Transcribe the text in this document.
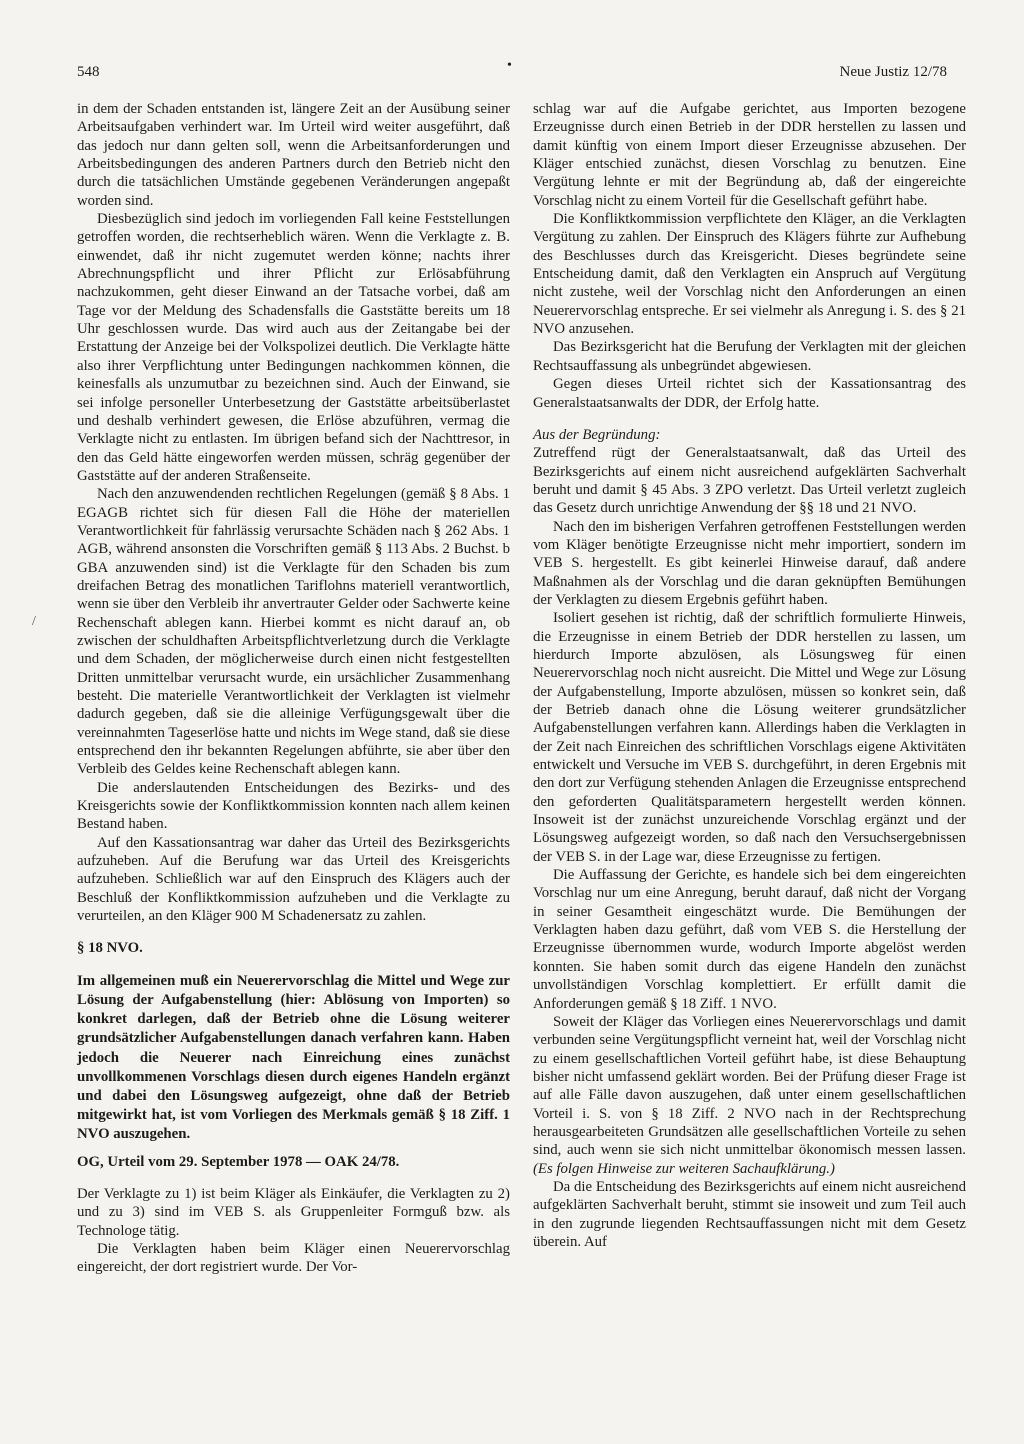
548	•	Neue Justiz 12/78
/

in dem der Schaden entstanden ist, längere Zeit an der Ausübung seiner Arbeitsaufgaben verhindert war. Im Urteil wird weiter ausgeführt, daß das jedoch nur dann gelten soll, wenn die Arbeitsanforderungen und Arbeitsbedingungen des anderen Partners durch den Betrieb nicht den durch die tatsächlichen Umstände gegebenen Veränderungen angepaßt worden sind.

Diesbezüglich sind jedoch im vorliegenden Fall keine Feststellungen getroffen worden, die rechtserheblich wären. Wenn die Verklagte z. B. einwendet, daß ihr nicht zugemutet werden könne; nachts ihrer Abrechnungspflicht und ihrer Pflicht zur Erlösabführung nachzukommen, geht dieser Einwand an der Tatsache vorbei, daß am Tage vor der Meldung des Schadensfalls die Gaststätte bereits um 18 Uhr geschlossen wurde. Das wird auch aus der Zeitangabe bei der Erstattung der Anzeige bei der Volkspolizei deutlich. Die Verklagte hätte also ihrer Verpflichtung unter Bedingungen nachkommen können, die keinesfalls als unzumutbar zu bezeichnen sind. Auch der Einwand, sie sei infolge personeller Unterbesetzung der Gaststätte arbeitsüberlastet und deshalb verhindert gewesen, die Erlöse abzuführen, vermag die Verklagte nicht zu entlasten. Im übrigen befand sich der Nachttresor, in den das Geld hätte eingeworfen werden müssen, schräg gegenüber der Gaststätte auf der anderen Straßenseite.

Nach den anzuwendenden rechtlichen Regelungen (gemäß § 8 Abs. 1 EGAGB richtet sich für diesen Fall die Höhe der materiellen Verantwortlichkeit für fahrlässig verursachte Schäden nach § 262 Abs. 1 AGB, während ansonsten die Vorschriften gemäß § 113 Abs. 2 Buchst. b GBA anzuwenden sind) ist die Verklagte für den Schaden bis zum dreifachen Betrag des monatlichen Tariflohns materiell verantwortlich, wenn sie über den Verbleib ihr anvertrauter Gelder oder Sachwerte keine Rechenschaft ablegen kann. Hierbei kommt es nicht darauf an, ob zwischen der schuldhaften Arbeitspflichtverletzung durch die Verklagte und dem Schaden, der möglicherweise durch einen nicht festgestellten Dritten unmittelbar verursacht wurde, ein ursächlicher Zusammenhang besteht. Die materielle Verantwortlichkeit der Verklagten ist vielmehr dadurch gegeben, daß sie die alleinige Verfügungsgewalt über die vereinnahmten Tageserlöse hatte und nichts im Wege stand, daß sie diese entsprechend den ihr bekannten Regelungen abführte, sie aber über den Verbleib des Geldes keine Rechenschaft ablegen kann.

Die anderslautenden Entscheidungen des Bezirks- und des Kreisgerichts sowie der Konfliktkommission konnten nach allem keinen Bestand haben.

Auf den Kassationsantrag war daher das Urteil des Bezirksgerichts aufzuheben. Auf die Berufung war das Urteil des Kreisgerichts aufzuheben. Schließlich war auf den Einspruch des Klägers auch der Beschluß der Konfliktkommission aufzuheben und die Verklagte zu verurteilen, an den Kläger 900 M Schadenersatz zu zahlen.

§ 18 NVO.

Im allgemeinen muß ein Neuerervorschlag die Mittel und Wege zur Lösung der Aufgabenstellung (hier: Ablösung von Importen) so konkret darlegen, daß der Betrieb ohne die Lösung weiterer grundsätzlicher Aufgabenstellungen danach verfahren kann. Haben jedoch die Neuerer nach Einreichung eines zunächst unvollkommenen Vorschlags diesen durch eigenes Handeln ergänzt und dabei den Lösungsweg aufgezeigt, ohne daß der Betrieb mitgewirkt hat, ist vom Vorliegen des Merkmals gemäß § 18 Ziff. 1 NVO auszugehen.

OG, Urteil vom 29. September 1978 — OAK 24/78.

Der Verklagte zu 1) ist beim Kläger als Einkäufer, die Verklagten zu 2) und zu 3) sind im VEB S. als Gruppenleiter Formguß bzw. als Technologe tätig.

Die Verklagten haben beim Kläger einen Neuerervorschlag eingereicht, der dort registriert wurde. Der Vor-

schlag war auf die Aufgabe gerichtet, aus Importen bezogene Erzeugnisse durch einen Betrieb in der DDR herstellen zu lassen und damit künftig von einem Import dieser Erzeugnisse abzusehen. Der Kläger entschied zunächst, diesen Vorschlag zu benutzen. Eine Vergütung lehnte er mit der Begründung ab, daß der eingereichte Vorschlag nicht zu einem Vorteil für die Gesellschaft geführt habe.

Die Konfliktkommission verpflichtete den Kläger, an die Verklagten Vergütung zu zahlen. Der Einspruch des Klägers führte zur Aufhebung des Beschlusses durch das Kreisgericht. Dieses begründete seine Entscheidung damit, daß den Verklagten ein Anspruch auf Vergütung nicht zustehe, weil der Vorschlag nicht den Anforderungen an einen Neuerervorschlag entspreche. Er sei vielmehr als Anregung i. S. des § 21 NVO anzusehen.

Das Bezirksgericht hat die Berufung der Verklagten mit der gleichen Rechtsauffassung als unbegründet abgewiesen.

Gegen dieses Urteil richtet sich der Kassationsantrag des Generalstaatsanwalts der DDR, der Erfolg hatte.

Aus der Begründung:

Zutreffend rügt der Generalstaatsanwalt, daß das Urteil des Bezirksgerichts auf einem nicht ausreichend aufgeklärten Sachverhalt beruht und damit § 45 Abs. 3 ZPO verletzt. Das Urteil verletzt zugleich das Gesetz durch unrichtige Anwendung der §§ 18 und 21 NVO.

Nach den im bisherigen Verfahren getroffenen Feststellungen werden vom Kläger benötigte Erzeugnisse nicht mehr importiert, sondern im VEB S. hergestellt. Es gibt keinerlei Hinweise darauf, daß andere Maßnahmen als der Vorschlag und die daran geknüpften Bemühungen der Verklagten zu diesem Ergebnis geführt haben.

Isoliert gesehen ist richtig, daß der schriftlich formulierte Hinweis, die Erzeugnisse in einem Betrieb der DDR herstellen zu lassen, um hierdurch Importe abzulösen, als Lösungsweg für einen Neuerervorschlag noch nicht ausreicht. Die Mittel und Wege zur Lösung der Aufgabenstellung, Importe abzulösen, müssen so konkret sein, daß der Betrieb danach ohne die Lösung weiterer grundsätzlicher Aufgabenstellungen verfahren kann. Allerdings haben die Verklagten in der Zeit nach Einreichen des schriftlichen Vorschlags eigene Aktivitäten entwickelt und Versuche im VEB S. durchgeführt, in deren Ergebnis mit den dort zur Verfügung stehenden Anlagen die Erzeugnisse entsprechend den geforderten Qualitätsparametern hergestellt werden können. Insoweit ist der zunächst unzureichende Vorschlag ergänzt und der Lösungsweg aufgezeigt worden, so daß nach den Versuchsergebnissen der VEB S. in der Lage war, diese Erzeugnisse zu fertigen.

Die Auffassung der Gerichte, es handele sich bei dem eingereichten Vorschlag nur um eine Anregung, beruht darauf, daß nicht der Vorgang in seiner Gesamtheit eingeschätzt wurde. Die Bemühungen der Verklagten haben dazu geführt, daß vom VEB S. die Herstellung der Erzeugnisse übernommen wurde, wodurch Importe abgelöst werden konnten. Sie haben somit durch das eigene Handeln den zunächst unvollständigen Vorschlag komplettiert. Er erfüllt damit die Anforderungen gemäß § 18 Ziff. 1 NVO.

Soweit der Kläger das Vorliegen eines Neuerervorschlags und damit verbunden seine Vergütungspflicht verneint hat, weil der Vorschlag nicht zu einem gesellschaftlichen Vorteil geführt habe, ist diese Behauptung bisher nicht umfassend geklärt worden. Bei der Prüfung dieser Frage ist auf alle Fälle davon auszugehen, daß unter einem gesellschaftlichen Vorteil i. S. von § 18 Ziff. 2 NVO nach in der Rechtsprechung herausgearbeiteten Grundsätzen alle gesellschaftlichen Vorteile zu sehen sind, auch wenn sie sich nicht unmittelbar ökonomisch messen lassen. (Es folgen Hinweise zur weiteren Sachaufklärung.)

Da die Entscheidung des Bezirksgerichts auf einem nicht ausreichend aufgeklärten Sachverhalt beruht, stimmt sie insoweit und zum Teil auch in den zugrunde liegenden Rechtsauffassungen nicht mit dem Gesetz überein. Auf
